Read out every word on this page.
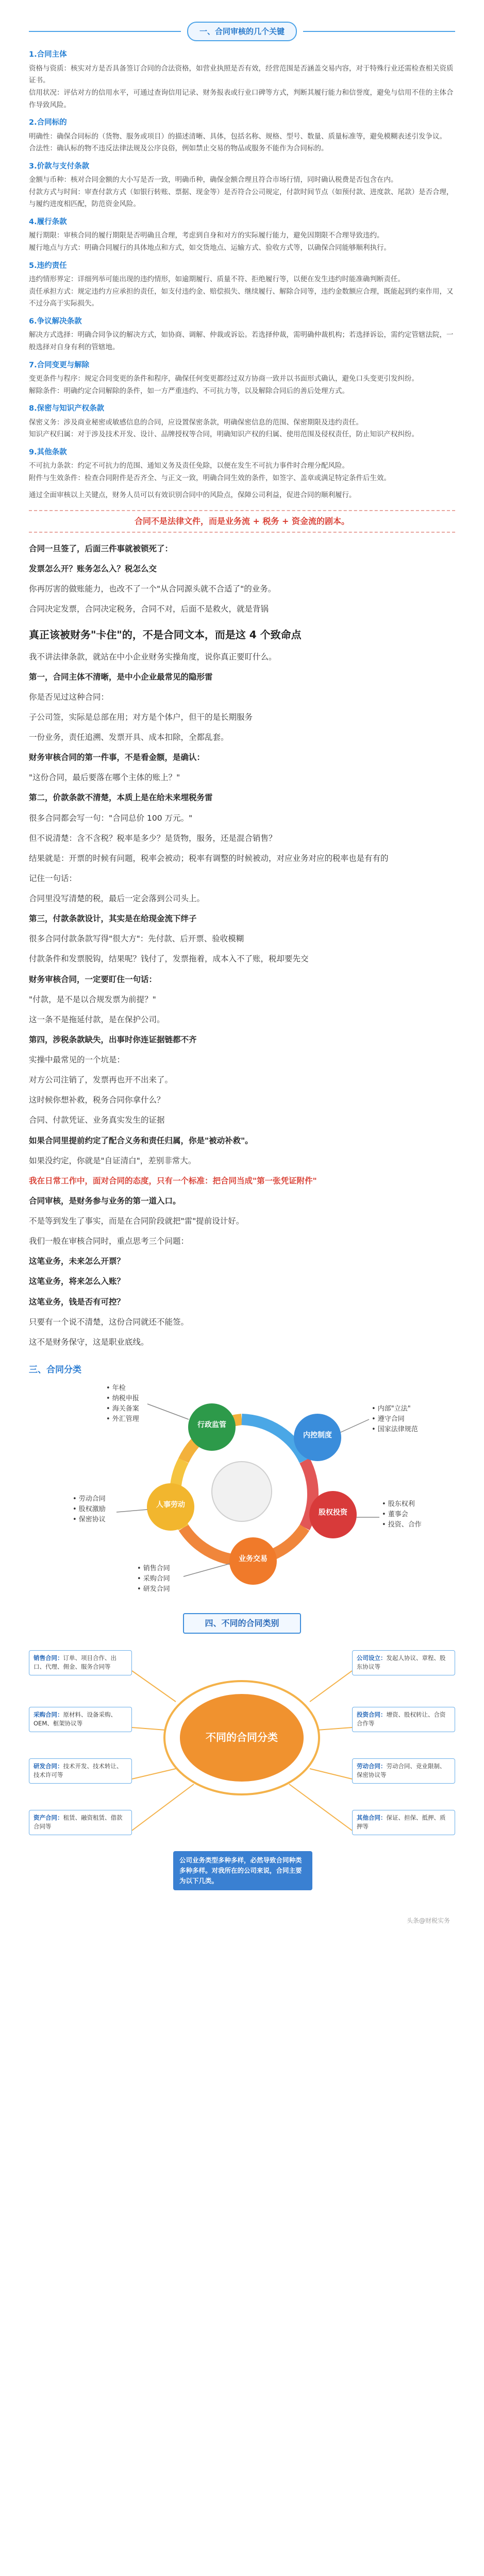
一、合同审核的几个关键
1.合同主体
资格与资质：核实对方是否具备签订合同的合法资格，如营业执照是否有效，经营范围是否涵盖交易内容，对于特殊行业还需检查相关资质证书。
信用状况：评估对方的信用水平，可通过查询信用记录、财务报表或行业口碑等方式，判断其履行能力和信誉度，避免与信用不佳的主体合作导致风险。
2.合同标的
明确性：确保合同标的（货物、服务或项目）的描述清晰、具体，包括名称、规格、型号、数量、质量标准等，避免模糊表述引发争议。
合法性：确认标的物不违反法律法规及公序良俗，例如禁止交易的物品或服务不能作为合同标的。
3.价款与支付条款
金额与币种：核对合同金额的大小写是否一致，明确币种，确保金额合理且符合市场行情，同时确认税费是否包含在内。
付款方式与时间：审查付款方式（如银行转账、票据、现金等）是否符合公司规定，付款时间节点（如预付款、进度款、尾款）是否合理，与履约进度相匹配，防范资金风险。
4.履行条款
履行期限：审核合同的履行期限是否明确且合理，考虑到自身和对方的实际履行能力，避免因期限不合理导致违约。
履行地点与方式：明确合同履行的具体地点和方式，如交货地点、运输方式、验收方式等，以确保合同能够顺利执行。
5.违约责任
违约情形界定：详细列举可能出现的违约情形，如逾期履行、质量不符、拒绝履行等，以便在发生违约时能准确判断责任。
责任承担方式：规定违约方应承担的责任，如支付违约金、赔偿损失、继续履行、解除合同等，违约金数额应合理，既能起到约束作用，又不过分高于实际损失。
6.争议解决条款
解决方式选择：明确合同争议的解决方式，如协商、调解、仲裁或诉讼。若选择仲裁，需明确仲裁机构；若选择诉讼，需约定管辖法院，一般选择对自身有利的管辖地。
7.合同变更与解除
变更条件与程序：规定合同变更的条件和程序，确保任何变更都经过双方协商一致并以书面形式确认，避免口头变更引发纠纷。
解除条件：明确约定合同解除的条件，如一方严重违约、不可抗力等，以及解除合同后的善后处理方式。
8.保密与知识产权条款
保密义务：涉及商业秘密或敏感信息的合同，应设置保密条款，明确保密信息的范围、保密期限及违约责任。
知识产权归属：对于涉及技术开发、设计、品牌授权等合同，明确知识产权的归属、使用范围及侵权责任，防止知识产权纠纷。
9.其他条款
不可抗力条款：约定不可抗力的范围、通知义务及责任免除，以便在发生不可抗力事件时合理分配风险。
附件与生效条件：检查合同附件是否齐全、与正文一致，明确合同生效的条件，如签字、盖章或满足特定条件后生效。
通过全面审核以上关键点，财务人员可以有效识别合同中的风险点，保障公司利益，促进合同的顺利履行。
合同不是法律文件，而是业务流 + 税务 + 资金流的剧本。
合同一旦签了，后面三件事就被锁死了：
发票怎么开？账务怎么入？税怎么交
你再厉害的做账能力，也改不了一个"从合同源头就不合适了"的业务。
合同决定发票，合同决定税务，合同不对，后面不是救火，就是背锅
真正该被财务"卡住"的，不是合同文本，而是这 4 个致命点
我不讲法律条款，就站在中小企业财务实操角度，说你真正要盯什么。
第一，合同主体不清晰，是中小企业最常见的隐形雷
你是否见过这种合同：
子公司签，实际是总部在用；对方是个体户，但干的是长期服务
一份业务，责任追溯、发票开具、成本扣除，全都乱套。
财务审核合同的第一件事，不是看金额，是确认：
"这份合同，最后要落在哪个主体的账上？"
第二，价款条款不清楚，本质上是在给未来埋税务雷
很多合同都会写一句："合同总价 100 万元。"
但不说清楚：含不含税？税率是多少？是货物，服务，还是混合销售？
结果就是：开票的时候有问题，税率会被动；税率有调整的时候被动，对应业务对应的税率也是有有的
记住一句话：
合同里没写清楚的税，最后一定会落到公司头上。
第三，付款条款设计，其实是在给现金流下绊子
很多合同付款条款写得"很大方"：先付款、后开票、验收模糊
付款条件和发票脱钩，结果呢？钱付了，发票拖着，成本入不了账，税却要先交
财务审核合同，一定要盯住一句话：
"付款，是不是以合规发票为前提？"
这一条不是拖延付款，是在保护公司。
第四，涉税条款缺失，出事时你连证据链都不齐
实操中最常见的一个坑是：
对方公司注销了，发票再也开不出来了。
这时候你想补救，税务合同你拿什么？
合同、付款凭证、业务真实发生的证据
如果合同里提前约定了配合义务和责任归属，你是"被动补救"。
如果没约定，你就是"自证清白"，差别非常大。
我在日常工作中，面对合同的态度，只有一个标准：把合同当成"第一张凭证附件"
合同审核，是财务参与业务的第一道入口。
不是等到发生了事实，而是在合同阶段就把"雷"提前设计好。
我们一般在审核合同时，重点思考三个问题：
这笔业务，未来怎么开票？
这笔业务，将来怎么入账？
这笔业务，钱是否有可控？
只要有一个说不清楚，这份合同就还不能签。
这不是财务保守，这是职业底线。
三、合同分类
行政监管
内控制度
股权投资
业务交易
人事劳动
• 年检
• 纳税申报
• 海关备案
• 外汇管理
• 内部"立法"
• 遵守合同
• 国家法律规范
• 股东权利
• 董事会
• 投资、合作
• 销售合同
• 采购合同
• 研发合同
• 劳动合同
• 股权激励
• 保密协议
四、不同的合同类别
不同的合同分类
销售合同：订单、项目合作、出口、代理、佣金、服务合同等
采购合同：原材料、设备采购、OEM、框架协议等
研发合同：技术开发、技术转让、技术许可等
资产合同：租赁、融资租赁、借款合同等
公司设立：发起人协议、章程、股东协议等
投资合同：增资、股权转让、合资合作等
劳动合同：劳动合同、竞业限制、保密协议等
其他合同：保证、担保、抵押、质押等
公司业务类型多种多样，必然导致合同种类多种多样。对我所在的公司来说，合同主要为以下几类。
头条@财税实务
